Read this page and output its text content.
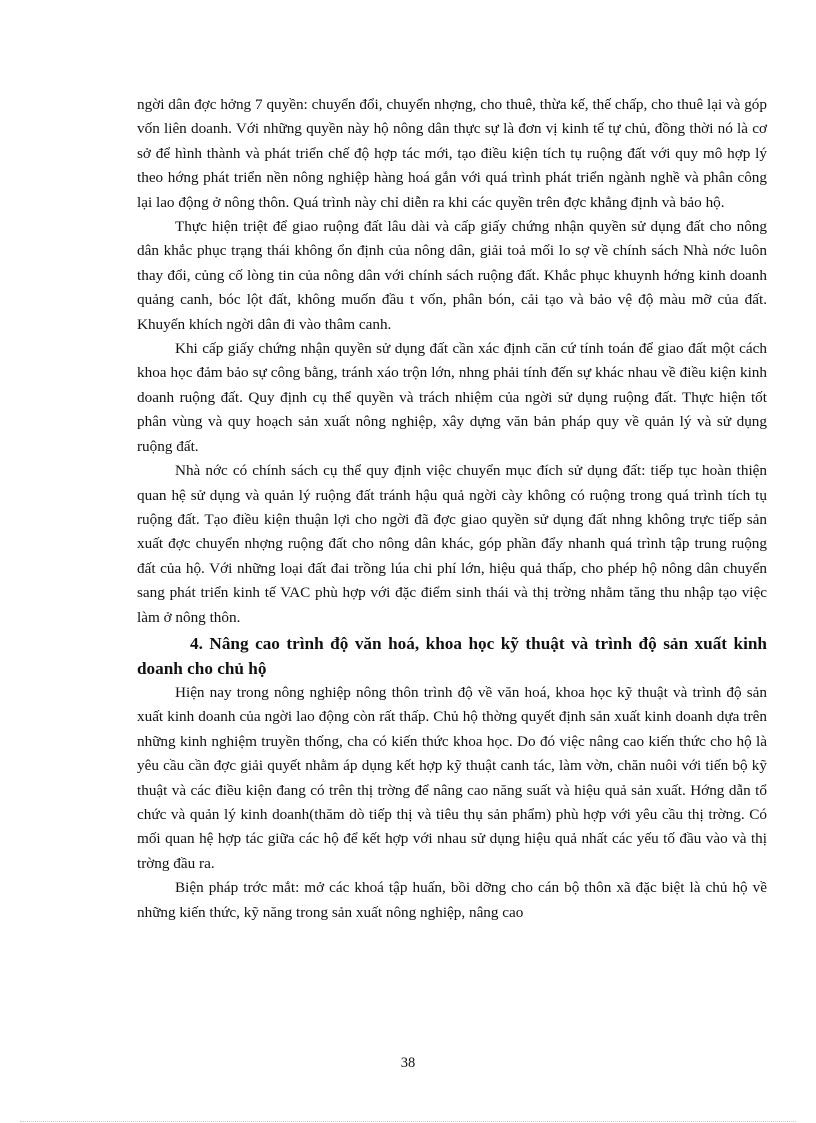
ngời dân đợc hởng 7 quyền: chuyển đổi, chuyển nhợng, cho thuê, thừa kế, thế chấp, cho thuê lại và góp vốn liên doanh. Với những quyền này hộ nông dân thực sự là đơn vị kinh tế tự chủ, đồng thời nó là cơ sở để hình thành và phát triển chế độ hợp tác mới, tạo điều kiện tích tụ ruộng đất với quy mô hợp lý theo hớng phát triển nền nông nghiệp hàng hoá gắn với quá trình phát triển ngành nghề và phân công lại lao động ở nông thôn. Quá trình này chỉ diễn ra khi các quyền trên đợc khẳng định và bảo hộ.

Thực hiện triệt để giao ruộng đất lâu dài và cấp giấy chứng nhận quyền sử dụng đất cho nông dân khắc phục trạng thái không ổn định của nông dân, giải toả mối lo sợ về chính sách Nhà nớc luôn thay đổi, củng cố lòng tin của nông dân với chính sách ruộng đất. Khắc phục khuynh hớng kinh doanh quảng canh, bóc lột đất, không muốn đầu t vốn, phân bón, cải tạo và bảo vệ độ màu mỡ của đất. Khuyến khích ngời dân đi vào thâm canh.

Khi cấp giấy chứng nhận quyền sử dụng đất cần xác định căn cứ tính toán để giao đất một cách khoa học đảm bảo sự công bằng, tránh xáo trộn lớn, nhng phải tính đến sự khác nhau về điều kiện kinh doanh ruộng đất. Quy định cụ thể quyền và trách nhiệm của ngời sử dụng ruộng đất. Thực hiện tốt phân vùng và quy hoạch sản xuất nông nghiệp, xây dựng văn bản pháp quy về quản lý và sử dụng ruộng đất.

Nhà nớc có chính sách cụ thể quy định việc chuyển mục đích sử dụng đất: tiếp tục hoàn thiện quan hệ sử dụng và quản lý ruộng đất tránh hậu quả ngời cày không có ruộng trong quá trình tích tụ ruộng đất. Tạo điều kiện thuận lợi cho ngời đã đợc giao quyền sử dụng đất nhng không trực tiếp sản xuất đợc chuyển nhợng ruộng đất cho nông dân khác, góp phần đẩy nhanh quá trình tập trung ruộng đất của hộ. Với những loại đất đai trồng lúa chi phí lớn, hiệu quả thấp, cho phép hộ nông dân chuyển sang phát triển kinh tế VAC phù hợp với đặc điểm sinh thái và thị trờng nhằm tăng thu nhập tạo việc làm ở nông thôn.

4. Nâng cao trình độ văn hoá, khoa học kỹ thuật và trình độ sản xuất kinh doanh cho chủ hộ

Hiện nay trong nông nghiệp nông thôn trình độ về văn hoá, khoa học kỹ thuật và trình độ sản xuất kinh doanh của ngời lao động còn rất thấp. Chủ hộ thờng quyết định sản xuất kinh doanh dựa trên những kinh nghiệm truyền thống, cha có kiến thức khoa học. Do đó việc nâng cao kiến thức cho hộ là yêu cầu cần đợc giải quyết nhằm áp dụng kết hợp kỹ thuật canh tác, làm vờn, chăn nuôi với tiến bộ kỹ thuật và các điều kiện đang có trên thị trờng để nâng cao năng suất và hiệu quả sản xuất. Hớng dẫn tổ chức và quản lý kinh doanh(thăm dò tiếp thị và tiêu thụ sản phẩm) phù hợp với yêu cầu thị trờng. Có mối quan hệ hợp tác giữa các hộ để kết hợp với nhau sử dụng hiệu quả nhất các yếu tố đầu vào và thị trờng đầu ra.

Biện pháp trớc mắt: mở các khoá tập huấn, bồi dỡng cho cán bộ thôn xã đặc biệt là chủ hộ về những kiến thức, kỹ năng trong sản xuất nông nghiệp, nâng cao

38
